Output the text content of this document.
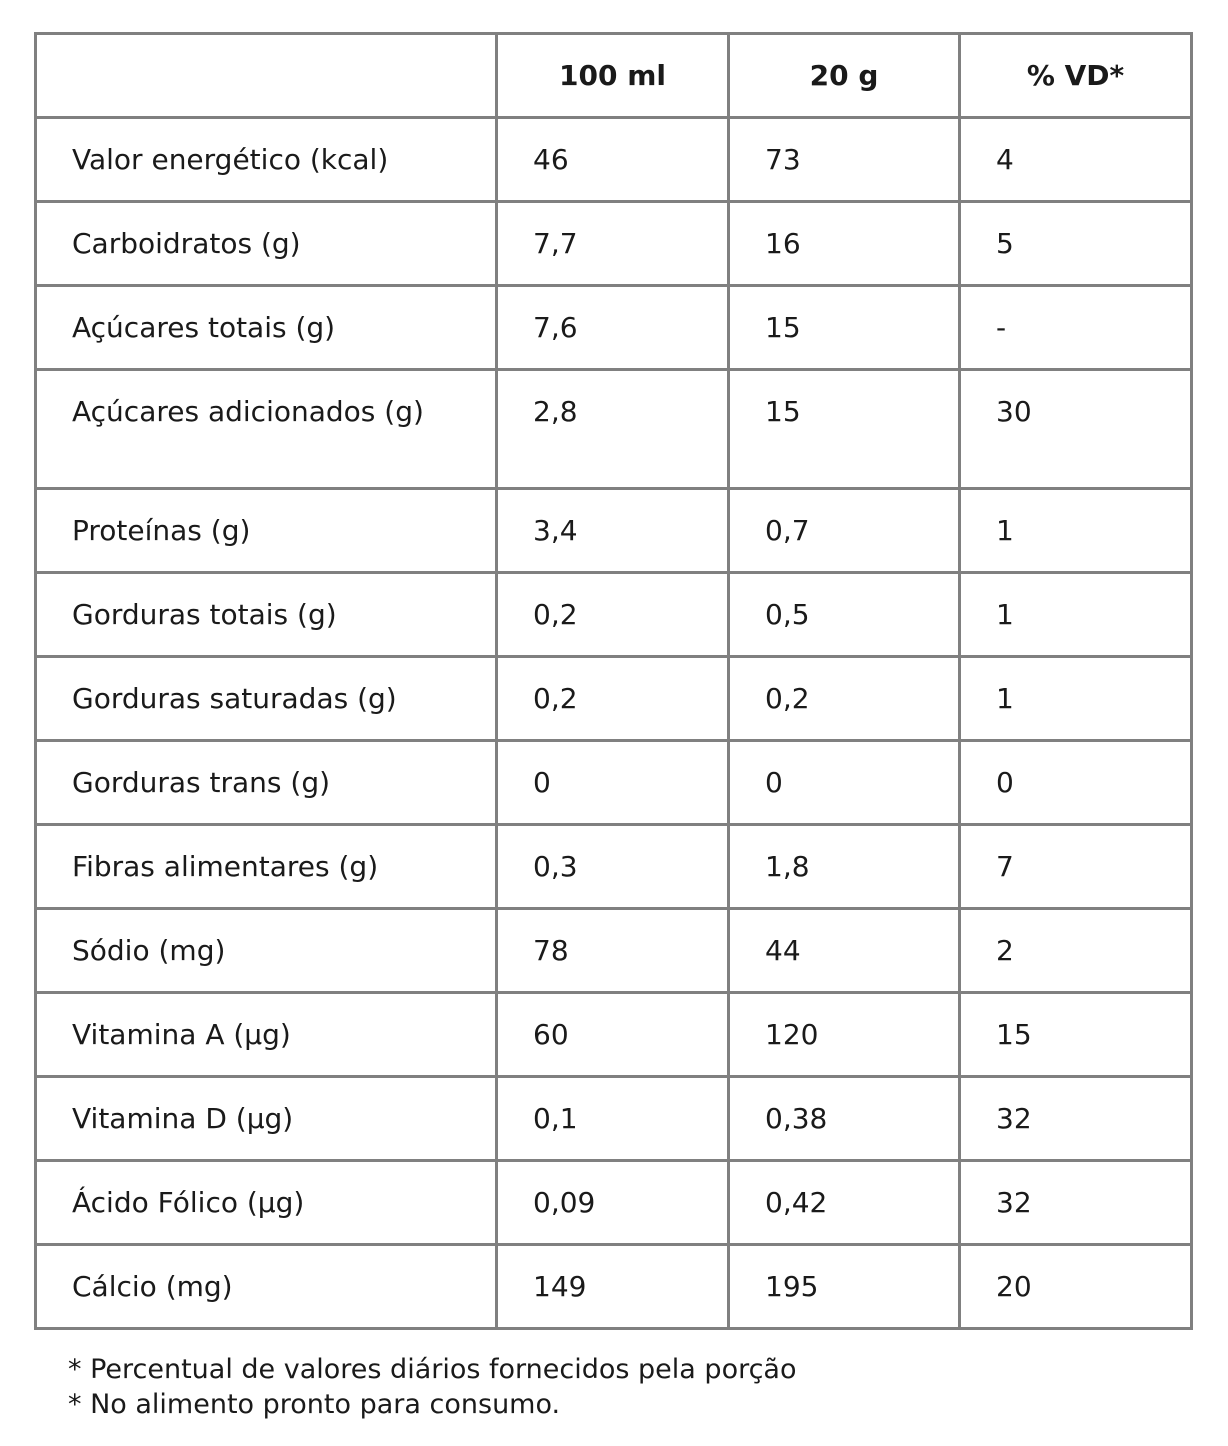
	100 ml	20 g	% VD*
Valor energético (kcal)	46	73	4
Carboidratos (g)	7,7	16	5
Açúcares totais (g)	7,6	15	-
Açúcares adicionados (g)	2,8	15	30
Proteínas (g)	3,4	0,7	1
Gorduras totais (g)	0,2	0,5	1
Gorduras saturadas (g)	0,2	0,2	1
Gorduras trans (g)	0	0	0
Fibras alimentares (g)	0,3	1,8	7
Sódio (mg)	78	44	2
Vitamina A (μg)	60	120	15
Vitamina D (μg)	0,1	0,38	32
Ácido Fólico (μg)	0,09	0,42	32
Cálcio (mg)	149	195	20
* Percentual de valores diários fornecidos pela porção
* No alimento pronto para consumo.
